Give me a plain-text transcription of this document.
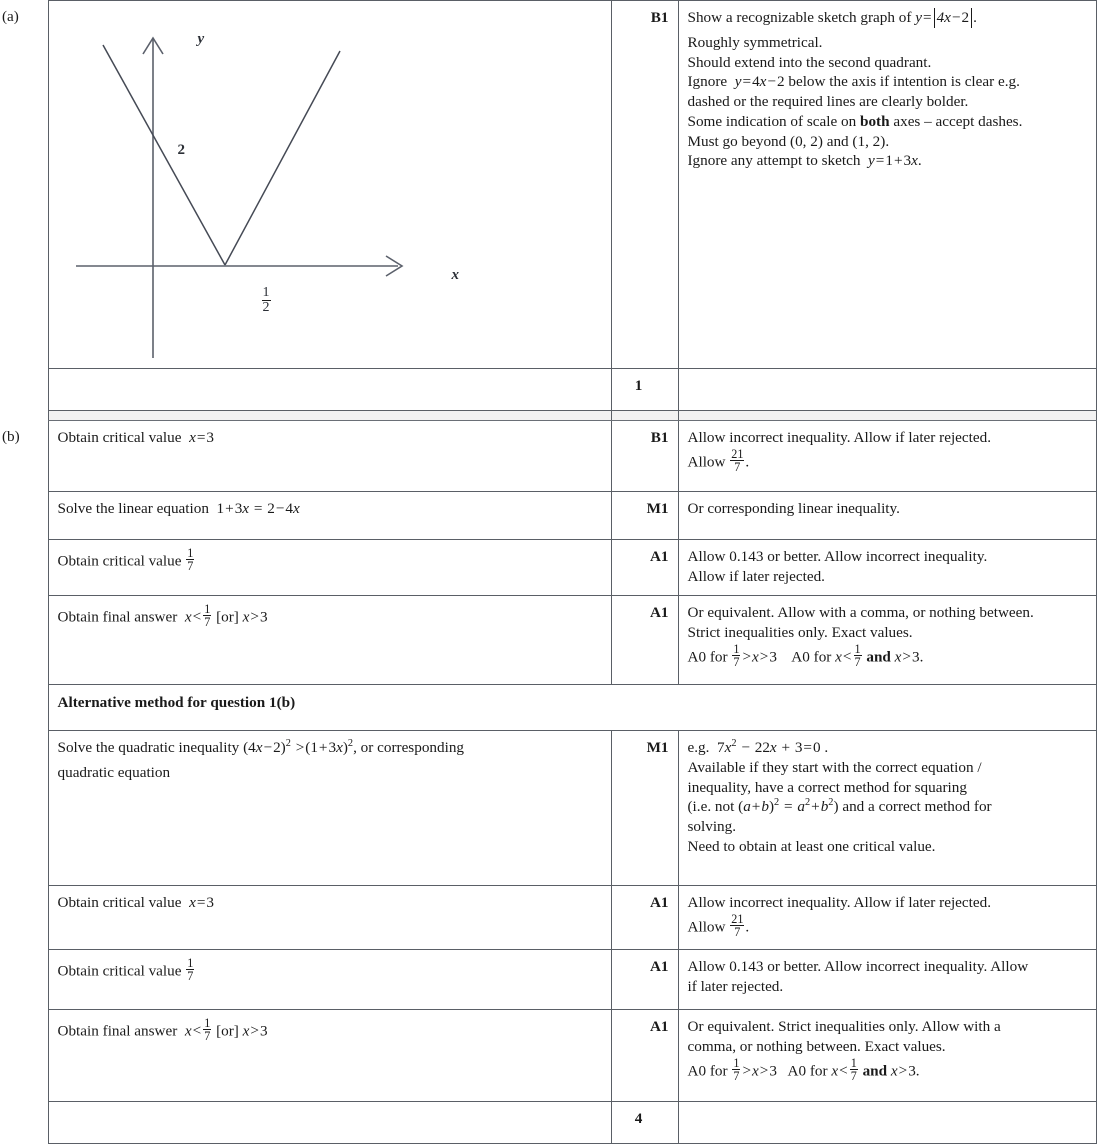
(a)	
y
x
2
$\frac{1}{2}$
	B1	Show a recognizable sketch graph of y= 4x−2 .
Roughly symmetrical.
Should extend into the second quadrant.
Ignore  y=4x−2 below the axis if intention is clear e.g.
dashed or the required lines are clearly bolder.
Some indication of scale on both axes – accept dashes.
Must go beyond (0, 2) and (1, 2).
Ignore any attempt to sketch  y=1+3x.

		1		

(b)	Obtain critical value  x=3	B1	Allow incorrect inequality. Allow if later rejected.
Allow $\frac{21}{7}$ .	

	Solve the linear equation  1+3x = 2−4x	M1	Or corresponding linear inequality.	

	Obtain critical value $\frac{1}{7}$	A1	Allow 0.143 or better. Allow incorrect inequality.
Allow if later rejected.	

	Obtain final answer  $x< \frac{1}{7} [or]$ x>3	A1	Or equivalent. Allow with a comma, or nothing between.
Strict inequalities only. Exact values.
A0 for $\frac{1}{7} >x>3$    A0 for $x< \frac{1}{7}$ and x>3.

	Alternative method for question 1(b)			

Solve the quadratic inequality $(4x-2)^2 >(1+3x)^2$, or corresponding
quadratic equation
	M1	e.g.  $7x^2 - 22x + 3=0$ .
Available if they start with the correct equation /
inequality, have a correct method for squaring
(i.e. not $(a+b)^2 = a^2+b^2$) and a correct method for
solving.
Need to obtain at least one critical value.

	Obtain critical value  x=3	A1	Allow incorrect inequality. Allow if later rejected.
Allow $\frac{21}{7}$ .	

	Obtain critical value $\frac{1}{7}$	A1	Allow 0.143 or better. Allow incorrect inequality. Allow
if later rejected.	

	Obtain final answer  $x< \frac{1}{7} [or]$ x>3	A1	Or equivalent. Strict inequalities only. Allow with a
comma, or nothing between. Exact values.
A0 for $\frac{1}{7} >x>3$   A0 for $x< \frac{1}{7}$ and x>3.

		4		
